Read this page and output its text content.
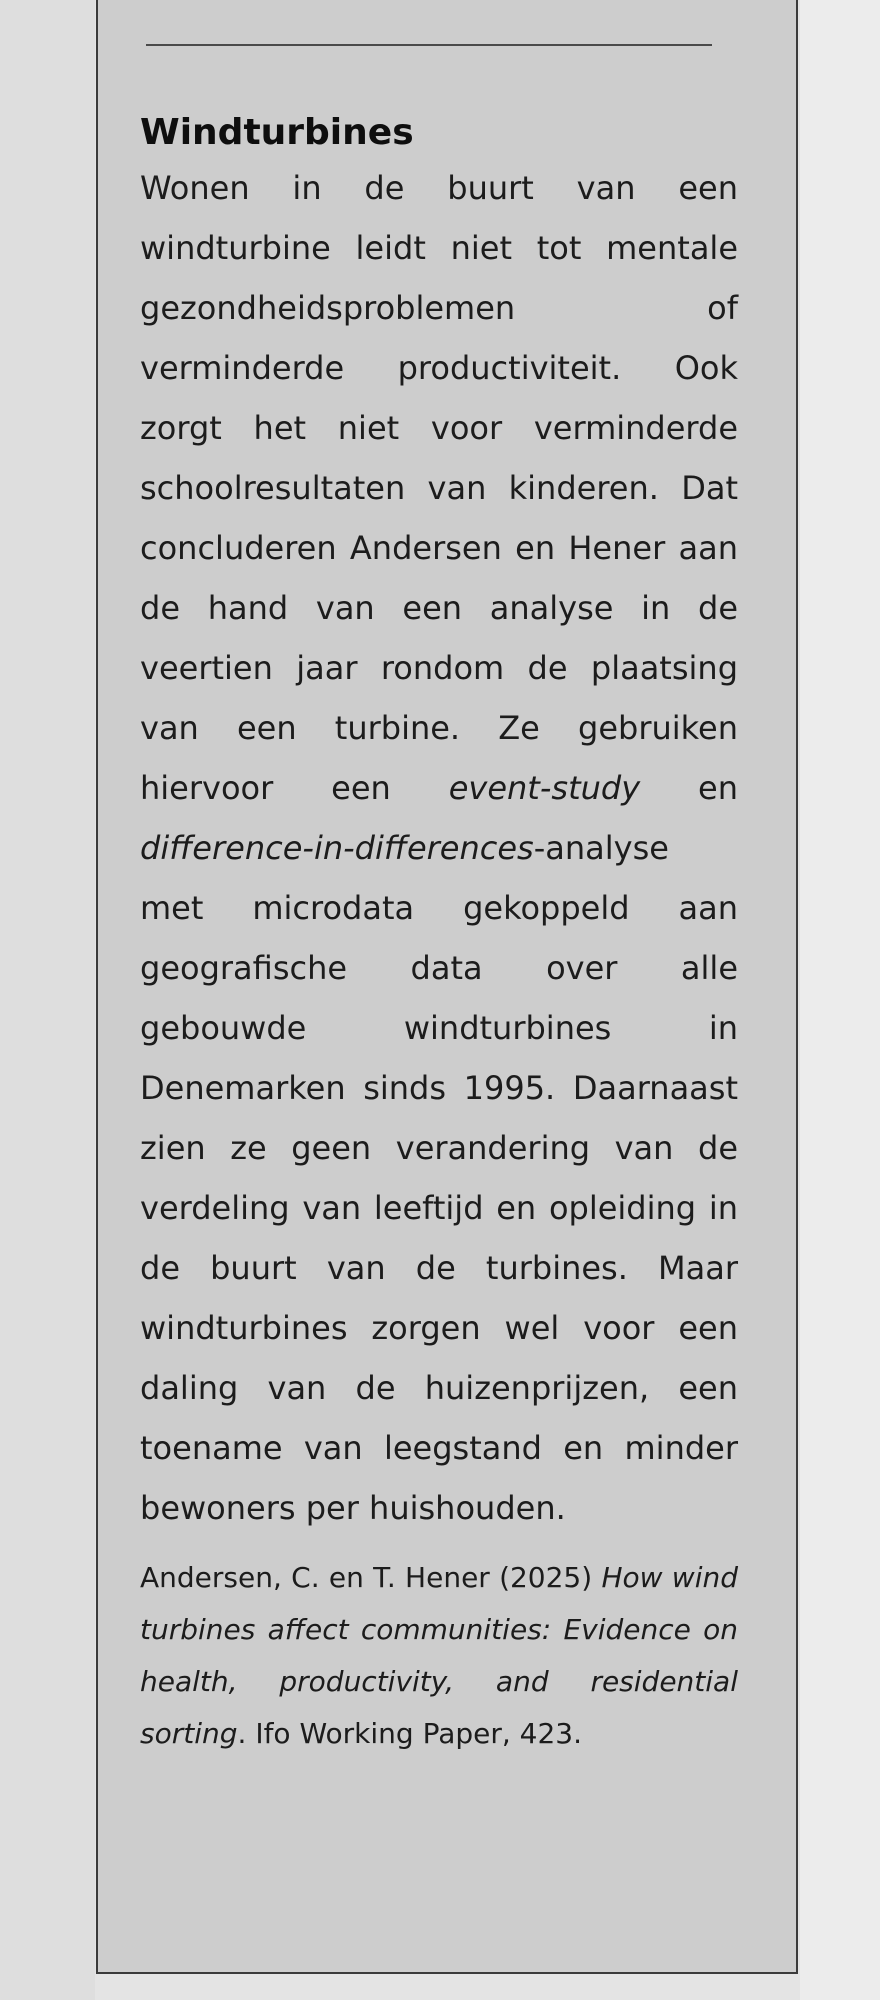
Windturbines

Wonen in de buurt van een windturbine leidt niet tot mentale gezondheidsproblemen of verminderde productiviteit. Ook zorgt het niet voor verminderde schoolresultaten van kinderen. Dat concluderen Andersen en Hener aan de hand van een analyse in de veertien jaar rondom de plaatsing van een turbine. Ze gebruiken hiervoor een event-study en difference-in-differences-analyse met microdata gekoppeld aan geografische data over alle gebouwde windturbines in Denemarken sinds 1995. Daarnaast zien ze geen verandering van de verdeling van leeftijd en opleiding in de buurt van de turbines. Maar windturbines zorgen wel voor een daling van de huizenprijzen, een toename van leegstand en minder bewoners per huishouden.

Andersen, C. en T. Hener (2025) How wind turbines affect communities: Evidence on health, productivity, and residential sorting. Ifo Working Paper, 423.
